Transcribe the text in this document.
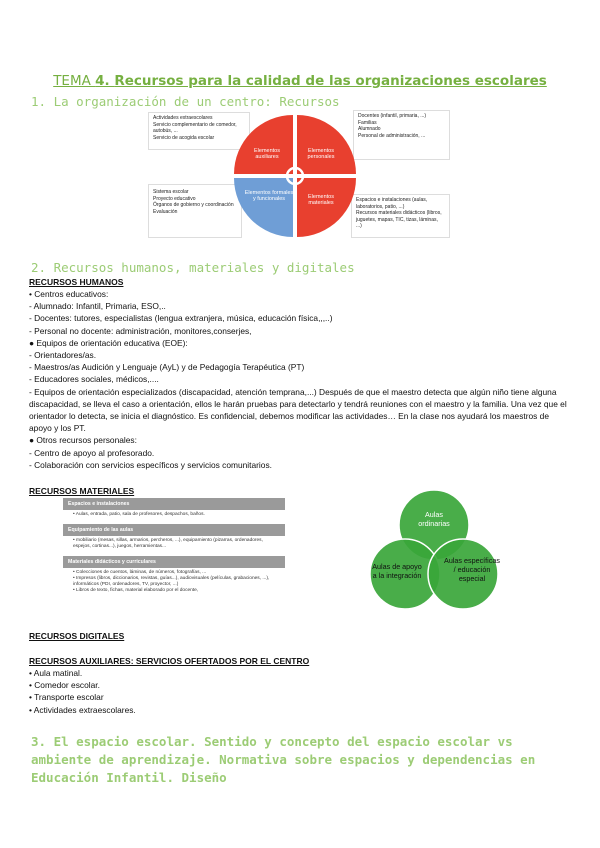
TEMA 4. Recursos para la calidad de las organizaciones escolares
1. La organización de un centro: Recursos
Actividades extraescolares
Servicio complementario de comedor, autobús, ...
Servicio de acogida escolar
Docentes (infantil, primaria, ...)
Familias
Alumnado
Personal de administración, ...
Sistema escolar
Proyecto educativo
Órganos de gobierno y coordinación
Evaluación
Espacios e instalaciones (aulas, laboratorios, patio, ...)
Recursos materiales didácticos (libros, juguetes, mapas, TIC, tizas, láminas, ...)
Elementos auxiliares
Elementos personales
Elementos formales y funcionales	Elementos materiales
2. Recursos humanos, materiales y digitales
RECURSOS HUMANOS
• Centros educativos:
- Alumnado: Infantil, Primaria, ESO,..
- Docentes: tutores, especialistas (lengua extranjera, música, educación física,,,..)
- Personal no docente: administración, monitores,conserjes,
● Equipos de orientación educativa (EOE):
- Orientadores/as.
- Maestros/as Audición y Lenguaje (AyL) y de Pedagogía Terapéutica (PT)
- Educadores sociales, médicos,....
- Equipos de orientación especializados (discapacidad, atención temprana,...) Después de que el maestro detecta que algún niño tiene alguna discapacidad, se lleva el caso a orientación, ellos le harán pruebas para detectarlo y tendrá reuniones con el maestro y la familia. Una vez que el orientador lo detecta, se inicia el diagnóstico. Es confidencial, debemos modificar las actividades… En la clase nos ayudará los maestros de apoyo y los PT.
● Otros recursos personales:
- Centro de apoyo al profesorado.
- Colaboración con servicios específicos y servicios comunitarios.
RECURSOS MATERIALES
Espacios e instalaciones
• Aulas, entrada, patio, sala de profesores, despachos, baños.
Equipamiento de las aulas
• mobiliario (mesas, sillas, armarios, percheros, ...), equipamiento (pizarras, ordenadores, espejos, cortinas...), juegos, herramientas...
Materiales didácticos y curriculares
• Colecciones de cuentos, láminas, de números, fotografías, ...
• Impresos (libros, diccionarios, revistas, guías...), audiovisuales (películas, grabaciones, ...), informáticos (PDI, ordenadores, TV, proyector, ...)
• Libros de texto, fichas, material elaborado por el docente,
Aulas ordinarias
Aulas de apoyo a la integración
Aulas específicas / educación especial
RECURSOS DIGITALES
RECURSOS AUXILIARES: SERVICIOS OFERTADOS POR EL CENTRO
• Aula matinal.
• Comedor escolar.
• Transporte escolar
• Actividades extraescolares.
3. El espacio escolar. Sentido y concepto del espacio escolar vs ambiente de aprendizaje. Normativa sobre espacios y dependencias en Educación Infantil. Diseño
